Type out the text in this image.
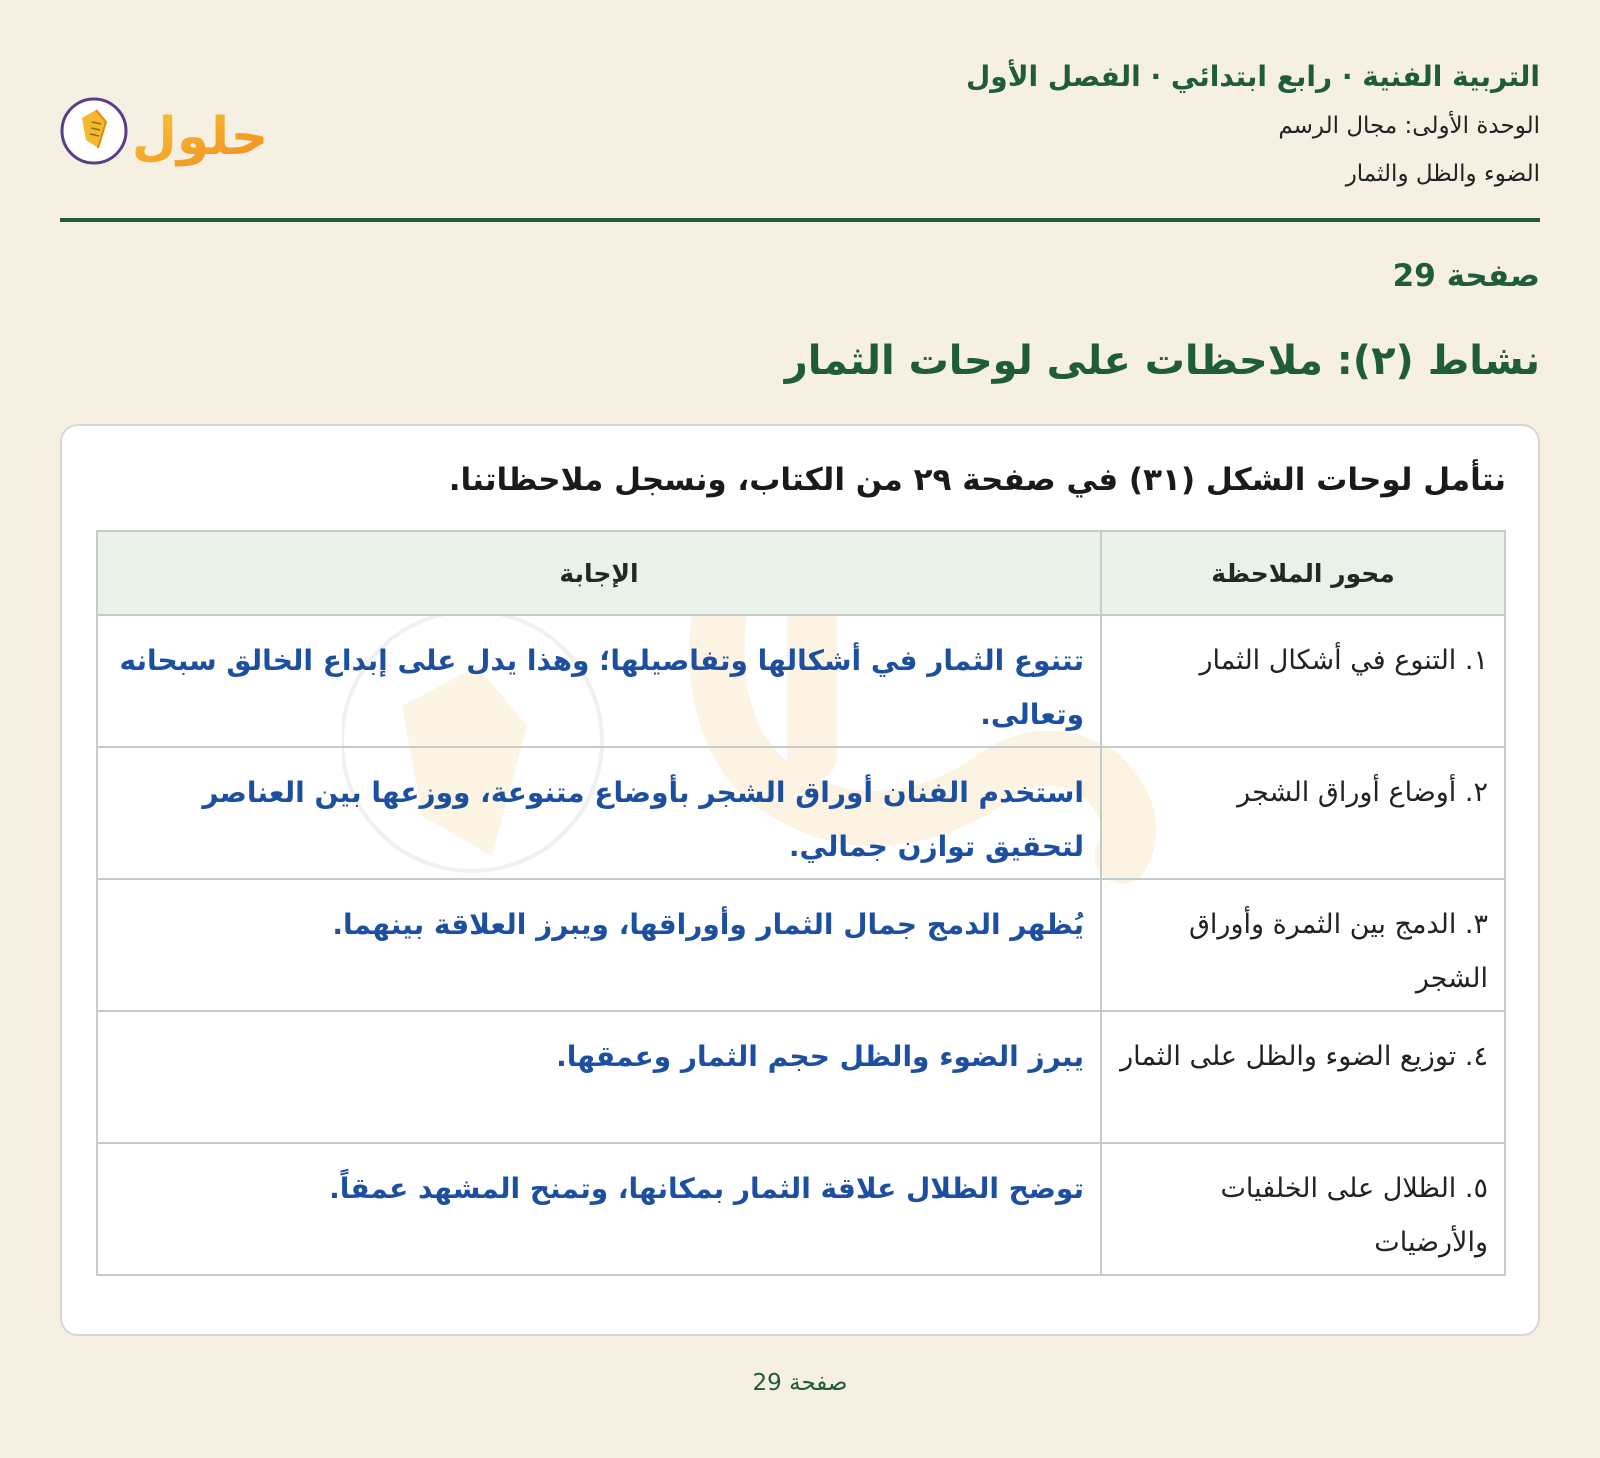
التربية الفنية · رابع ابتدائي · الفصل الأول
الوحدة الأولى: مجال الرسم
الضوء والظل والثمار
حلول
صفحة 29
نشاط (٢): ملاحظات على لوحات الثمار
نتأمل لوحات الشكل (٣١) في صفحة ٢٩ من الكتاب، ونسجل ملاحظاتنا.
محور الملاحظة	الإجابة
١. التنوع في أشكال الثمار	تتنوع الثمار في أشكالها وتفاصيلها؛ وهذا يدل على إبداع الخالق سبحانه وتعالى.
٢. أوضاع أوراق الشجر	استخدم الفنان أوراق الشجر بأوضاع متنوعة، ووزعها بين العناصر لتحقيق توازن جمالي.
٣. الدمج بين الثمرة وأوراق الشجر	يُظهر الدمج جمال الثمار وأوراقها، ويبرز العلاقة بينهما.
٤. توزيع الضوء والظل على الثمار	يبرز الضوء والظل حجم الثمار وعمقها.
٥. الظلال على الخلفيات والأرضيات	توضح الظلال علاقة الثمار بمكانها، وتمنح المشهد عمقاً.
صفحة 29
